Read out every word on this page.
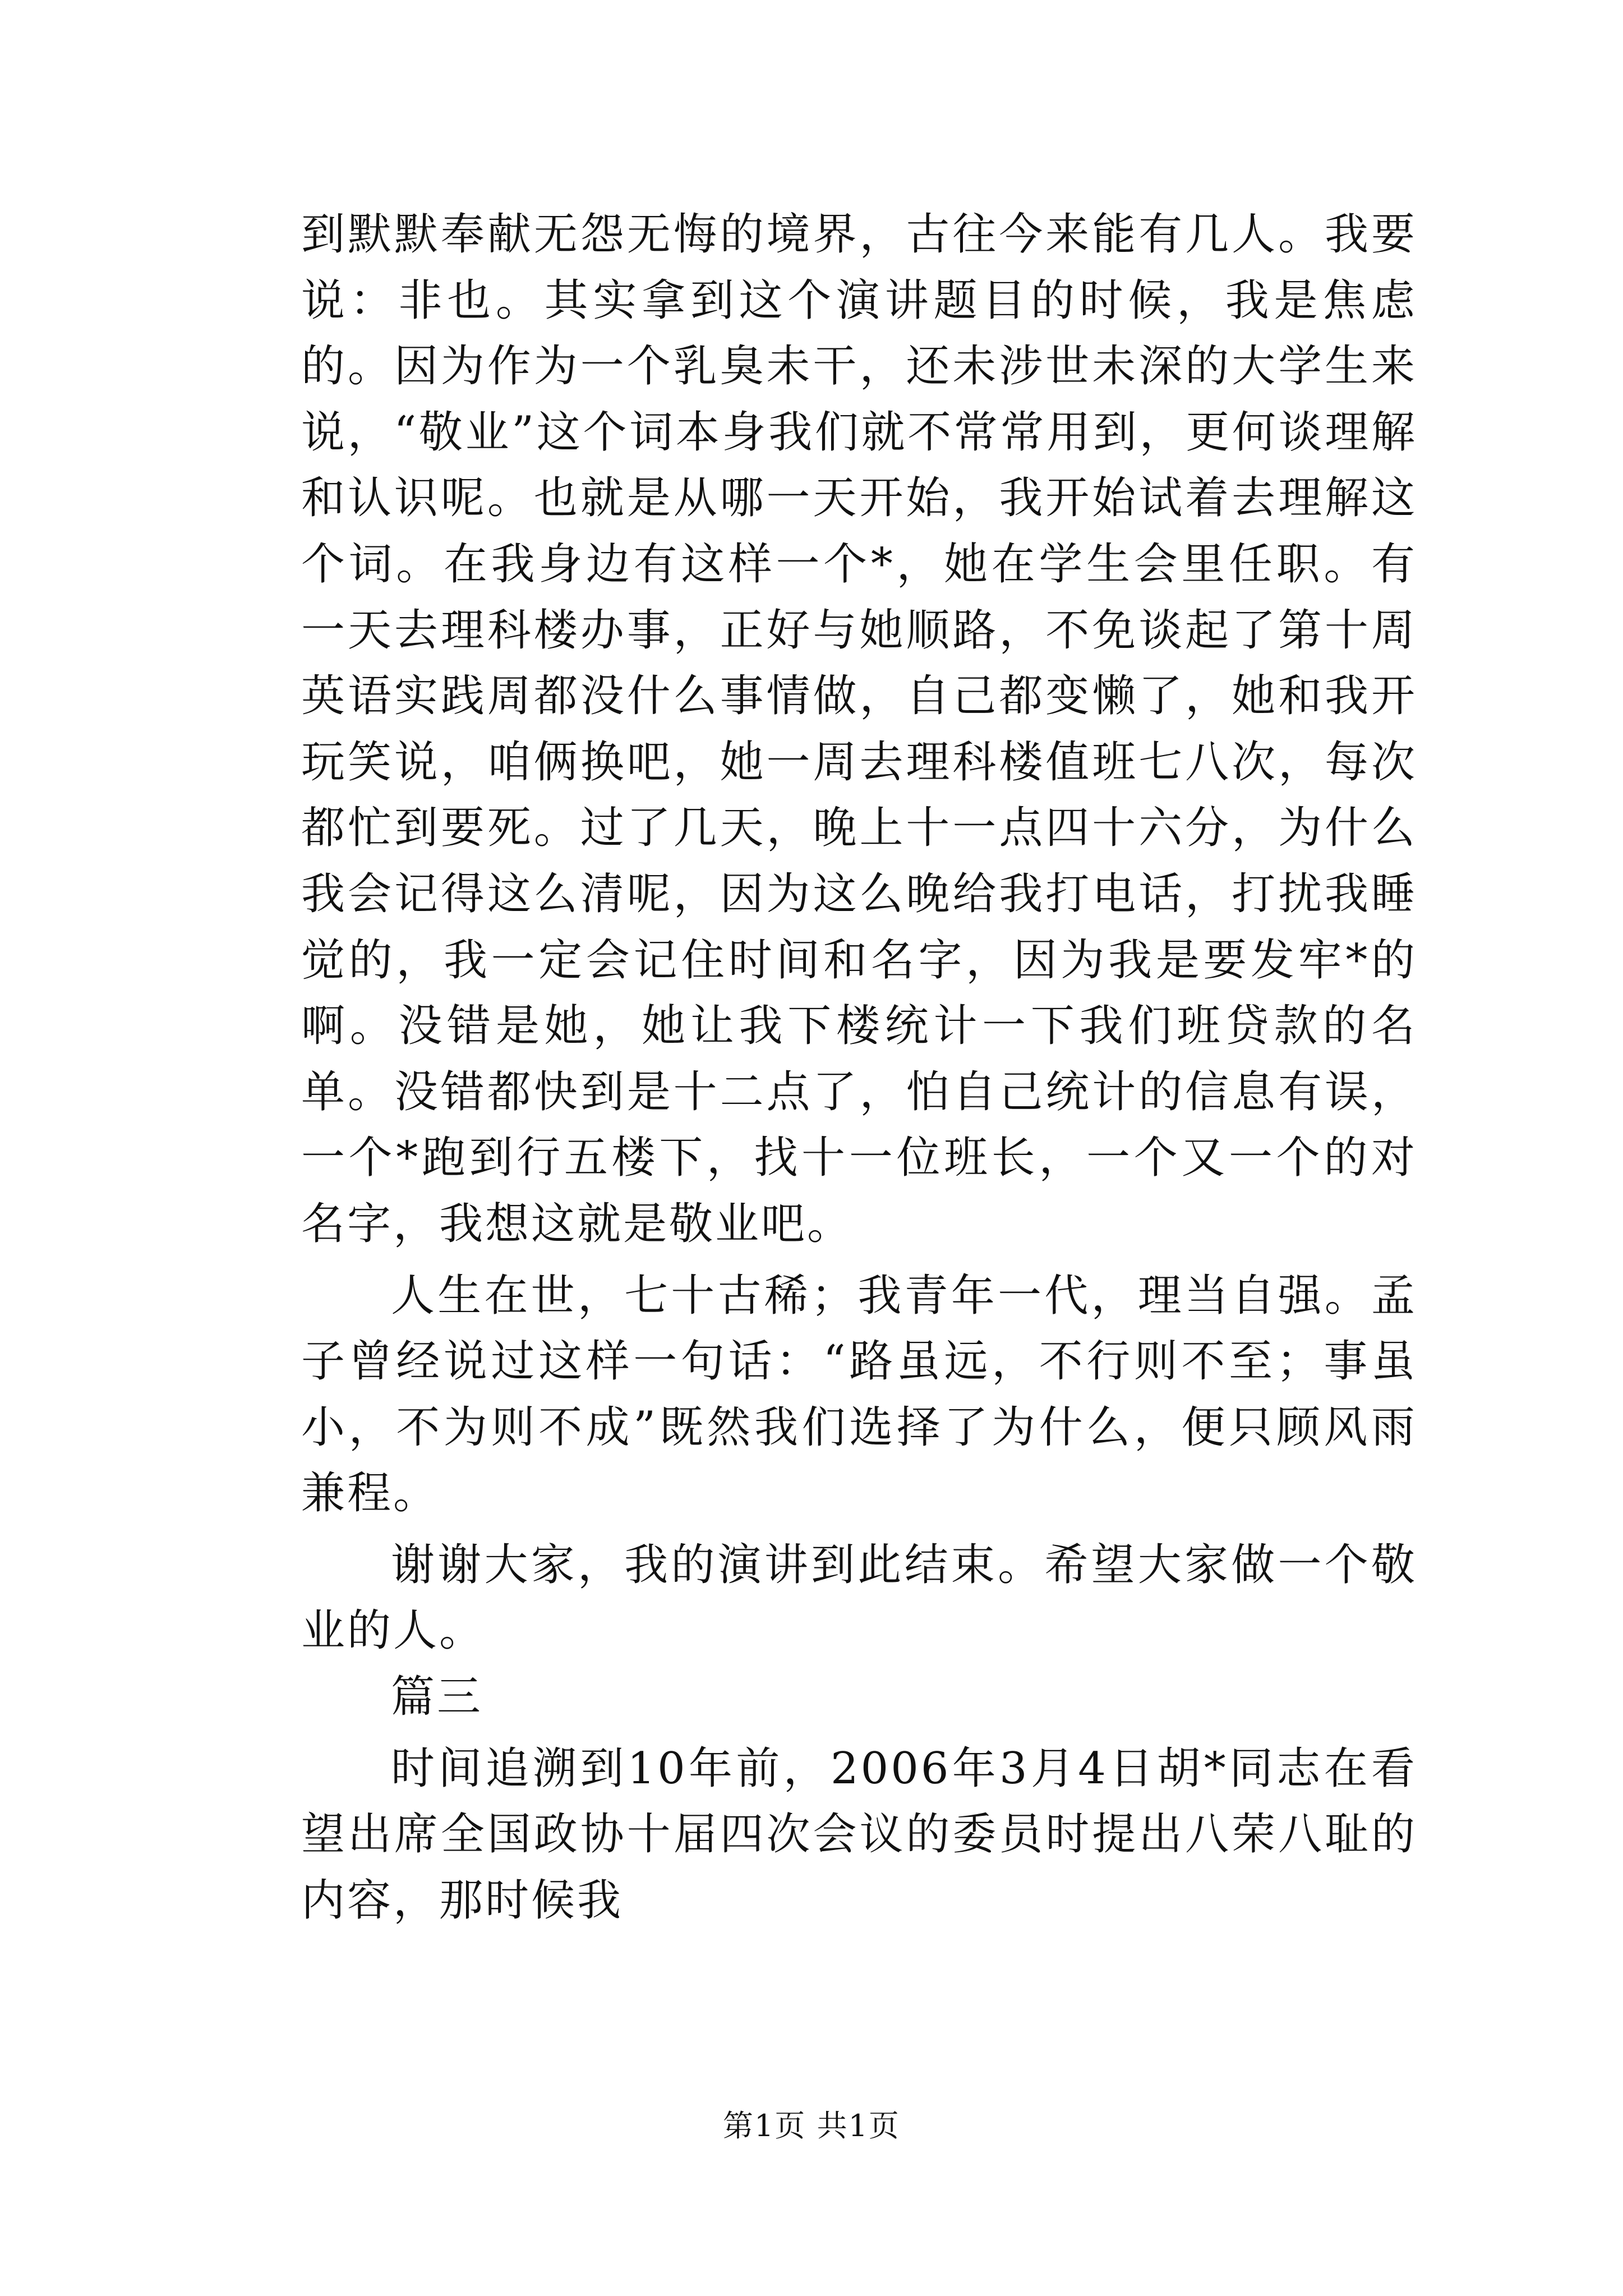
到默默奉献无怨无悔的境界，古往今来能有几人。我要说：非也。其实拿到这个演讲题目的时候，我是焦虑的。因为作为一个乳臭未干，还未涉世未深的大学生来说，“敬业”这个词本身我们就不常常用到，更何谈理解和认识呢。也就是从哪一天开始，我开始试着去理解这个词。在我身边有这样一个*，她在学生会里任职。有一天去理科楼办事，正好与她顺路，不免谈起了第十周英语实践周都没什么事情做，自己都变懒了，她和我开玩笑说，咱俩换吧，她一周去理科楼值班七八次，每次都忙到要死。过了几天，晚上十一点四十六分，为什么我会记得这么清呢，因为这么晚给我打电话，打扰我睡觉的，我一定会记住时间和名字，因为我是要发牢*的啊。没错是她，她让我下楼统计一下我们班贷款的名单。没错都快到是十二点了，怕自己统计的信息有误，一个*跑到行五楼下，找十一位班长，一个又一个的对名字，我想这就是敬业吧。

人生在世，七十古稀；我青年一代，理当自强。孟子曾经说过这样一句话：“路虽远，不行则不至；事虽小，不为则不成”既然我们选择了为什么，便只顾风雨兼程。

谢谢大家，我的演讲到此结束。希望大家做一个敬业的人。

篇三

时间追溯到10年前，2006年3月4日胡*同志在看望出席全国政协十届四次会议的委员时提出八荣八耻的内容，那时候我

第1页 共1页
